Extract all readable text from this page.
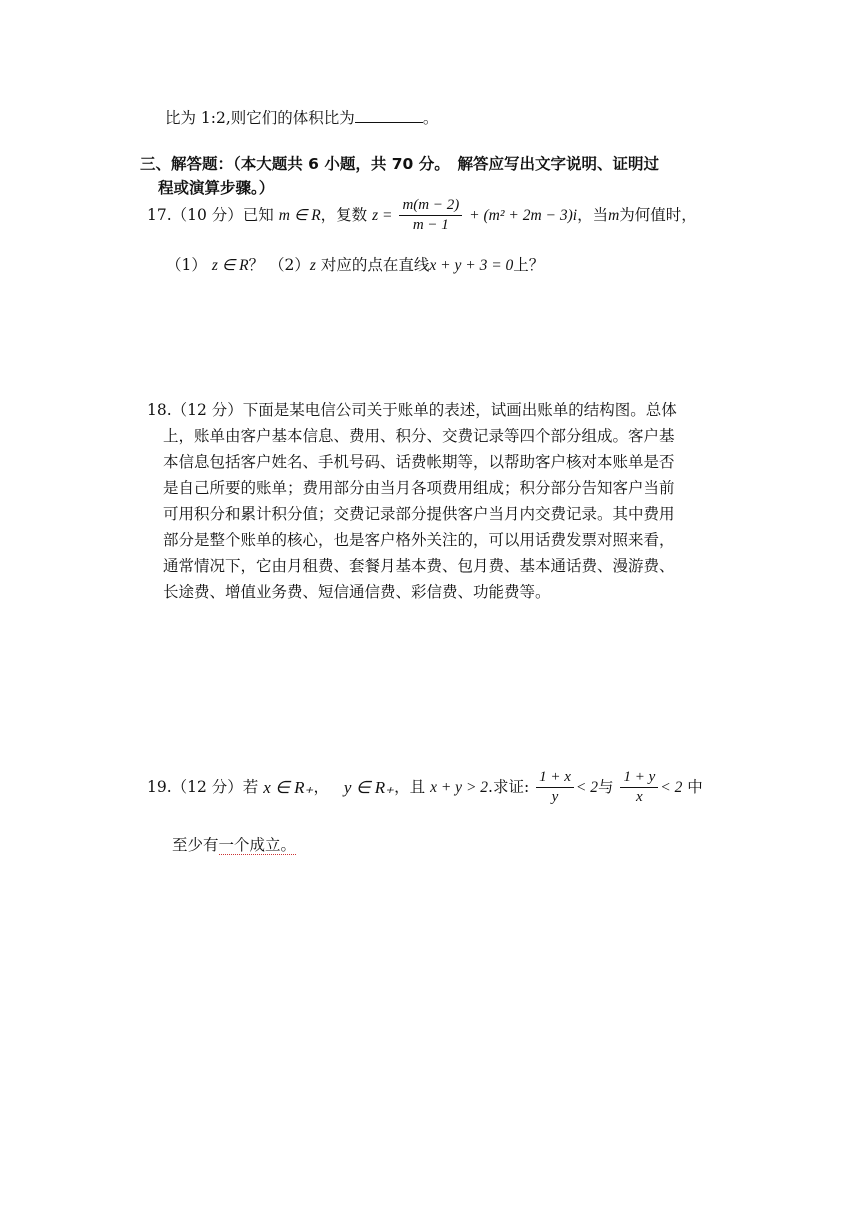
比为 1:2,则它们的体积比为	。
三、解答题：（本大题共 6 小题，共 70 分。　解答应写出文字说明、证明过
程或演算步骤。）
17.（10 分）已知 m ∈ R，复数 $z = \frac{m(m - 2)}{m - 1} + (m^2 + 2m - 3)i$，当m为何值时，
（1） z ∈ R？ （2）z 对应的点在直线x + y + 3 = 0上？
18.（12 分）下面是某电信公司关于账单的表述，试画出账单的结构图。总体
上，账单由客户基本信息、费用、积分、交费记录等四个部分组成。客户基
本信息包括客户姓名、手机号码、话费帐期等，以帮助客户核对本账单是否
是自己所要的账单；费用部分由当月各项费用组成；积分部分告知客户当前
可用积分和累计积分值；交费记录部分提供客户当月内交费记录。其中费用
部分是整个账单的核心，也是客户格外关注的，可以用话费发票对照来看，
通常情况下，它由月租费、套餐月基本费、包月费、基本通话费、漫游费、
长途费、增值业务费、短信通信费、彩信费、功能费等。
19.（12 分）若 x ∈ R₊， y ∈ R₊，且 x + y > 2.求证: $\frac{1 + x}{y} < 2$与 $\frac{1 + y}{x} < 2$ 中
至少有一个成立。
